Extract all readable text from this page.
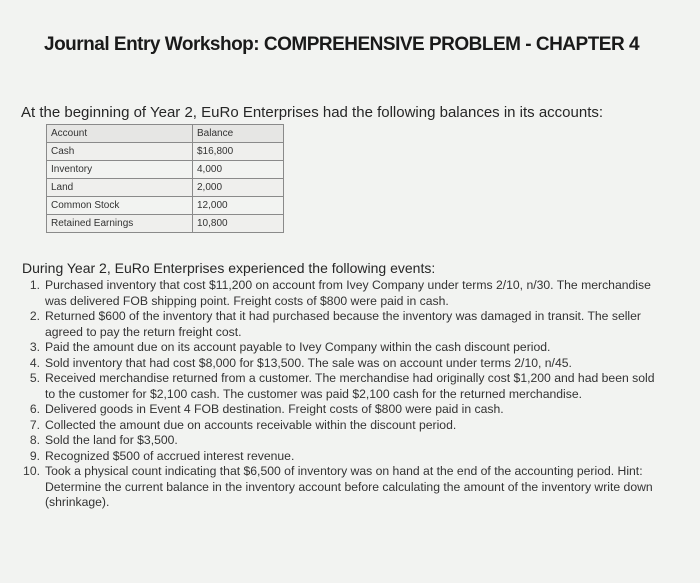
Journal Entry Workshop: COMPREHENSIVE PROBLEM - CHAPTER 4
At the beginning of Year 2, EuRo Enterprises had the following balances in its accounts:
Account	Balance
Cash	$16,800
Inventory	4,000
Land	2,000
Common Stock	12,000
Retained Earnings	10,800
During Year 2, EuRo Enterprises experienced the following events:
1. Purchased inventory that cost $11,200 on account from Ivey Company under terms 2/10, n/30. The merchandise was delivered FOB shipping point. Freight costs of $800 were paid in cash.
2. Returned $600 of the inventory that it had purchased because the inventory was damaged in transit. The seller agreed to pay the return freight cost.
3. Paid the amount due on its account payable to Ivey Company within the cash discount period.
4. Sold inventory that had cost $8,000 for $13,500. The sale was on account under terms 2/10, n/45.
5. Received merchandise returned from a customer. The merchandise had originally cost $1,200 and had been sold to the customer for $2,100 cash. The customer was paid $2,100 cash for the returned merchandise.
6. Delivered goods in Event 4 FOB destination. Freight costs of $800 were paid in cash.
7. Collected the amount due on accounts receivable within the discount period.
8. Sold the land for $3,500.
9. Recognized $500 of accrued interest revenue.
10. Took a physical count indicating that $6,500 of inventory was on hand at the end of the accounting period. Hint: Determine the current balance in the inventory account before calculating the amount of the inventory write down (shrinkage).
